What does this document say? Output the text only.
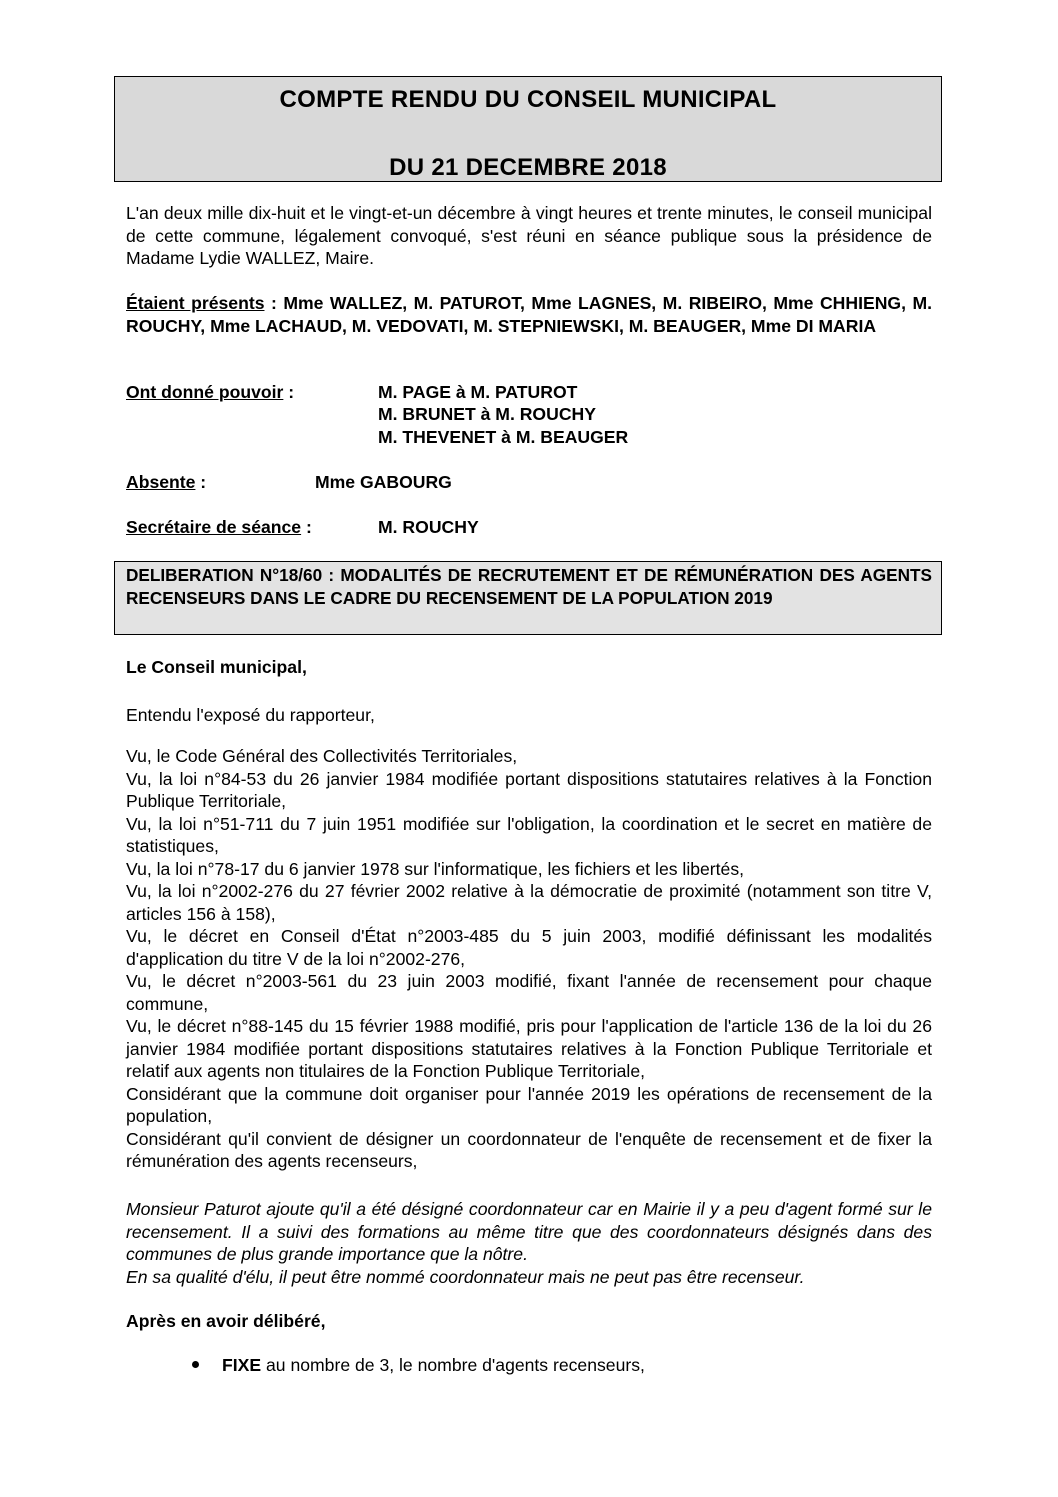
COMPTE RENDU DU CONSEIL MUNICIPAL
DU 21 DECEMBRE 2018
L'an deux mille dix-huit et le vingt-et-un décembre à vingt heures et trente minutes, le conseil municipal de cette commune, légalement convoqué, s'est réuni en séance publique sous la présidence de Madame Lydie WALLEZ, Maire.
Étaient présents : Mme WALLEZ, M. PATUROT, Mme LAGNES, M. RIBEIRO, Mme CHHIENG, M. ROUCHY, Mme LACHAUD, M. VEDOVATI, M. STEPNIEWSKI, M. BEAUGER, Mme DI MARIA
Ont donné pouvoir :	M. PAGE à M. PATUROT
M. BRUNET à M. ROUCHY
M. THEVENET à M. BEAUGER
Absente :	Mme GABOURG
Secrétaire de séance :	M. ROUCHY
DELIBERATION N°18/60 : MODALITÉS DE RECRUTEMENT ET DE RÉMUNÉRATION DES AGENTS RECENSEURS DANS LE CADRE DU RECENSEMENT DE LA POPULATION 2019
Le Conseil municipal,
Entendu l'exposé du rapporteur,
Vu, le Code Général des Collectivités Territoriales,
Vu, la loi n°84-53 du 26 janvier 1984 modifiée portant dispositions statutaires relatives à la Fonction Publique Territoriale,
Vu, la loi n°51-711 du 7 juin 1951 modifiée sur l'obligation, la coordination et le secret en matière de statistiques,
Vu, la loi n°78-17 du 6 janvier 1978 sur l'informatique, les fichiers et les libertés,
Vu, la loi n°2002-276 du 27 février 2002 relative à la démocratie de proximité (notamment son titre V, articles 156 à 158),
Vu, le décret en Conseil d'État n°2003-485 du 5 juin 2003, modifié définissant les modalités d'application du titre V de la loi n°2002-276,
Vu, le décret n°2003-561 du 23 juin 2003 modifié, fixant l'année de recensement pour chaque commune,
Vu, le décret n°88-145 du 15 février 1988 modifié, pris pour l'application de l'article 136 de la loi du 26 janvier 1984 modifiée portant dispositions statutaires relatives à la Fonction Publique Territoriale et relatif aux agents non titulaires de la Fonction Publique Territoriale,
Considérant que la commune doit organiser pour l'année 2019 les opérations de recensement de la population,
Considérant qu'il convient de désigner un coordonnateur de l'enquête de recensement et de fixer la rémunération des agents recenseurs,
Monsieur Paturot ajoute qu'il a été désigné coordonnateur car en Mairie il y a peu d'agent formé sur le recensement. Il a suivi des formations au même titre que des coordonnateurs désignés dans des communes de plus grande importance que la nôtre.
En sa qualité d'élu, il peut être nommé coordonnateur mais ne peut pas être recenseur.
Après en avoir délibéré,
FIXE au nombre de 3, le nombre d'agents recenseurs,
